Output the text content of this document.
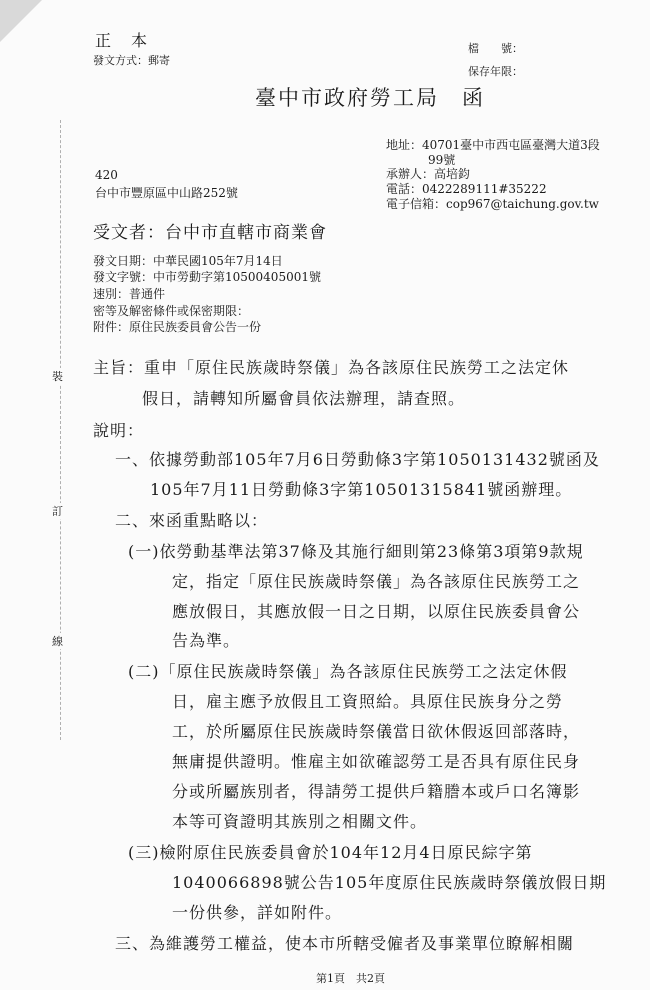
正　本
發文方式：郵寄
檔　　號：
保存年限：
臺中市政府勞工局　函
地址：40701臺中市西屯區臺灣大道3段
99號
承辦人：高培鈞
電話：0422289111#35222
電子信箱：cop967@taichung.gov.tw
420
台中市豐原區中山路252號
受文者：台中市直轄市商業會
發文日期：中華民國105年7月14日
發文字號：中市勞動字第10500405001號
速別：普通件
密等及解密條件或保密期限：
附件：原住民族委員會公告一份
裝
訂
線
主旨：重申「原住民族歲時祭儀」為各該原住民族勞工之法定休
假日，請轉知所屬會員依法辦理，請查照。
說明：
一、依據勞動部105年7月6日勞動條3字第1050131432號函及
105年7月11日勞動條3字第10501315841號函辦理。
二、來函重點略以：
(一)依勞動基準法第37條及其施行細則第23條第3項第9款規
定，指定「原住民族歲時祭儀」為各該原住民族勞工之
應放假日，其應放假一日之日期，以原住民族委員會公
告為準。
(二)「原住民族歲時祭儀」為各該原住民族勞工之法定休假
日，雇主應予放假且工資照給。具原住民族身分之勞
工，於所屬原住民族歲時祭儀當日欲休假返回部落時，
無庸提供證明。惟雇主如欲確認勞工是否具有原住民身
分或所屬族別者，得請勞工提供戶籍謄本或戶口名簿影
本等可資證明其族別之相關文件。
(三)檢附原住民族委員會於104年12月4日原民綜字第
1040066898號公告105年度原住民族歲時祭儀放假日期
一份供參，詳如附件。
三、為維護勞工權益，使本市所轄受僱者及事業單位瞭解相關
第1頁　共2頁
